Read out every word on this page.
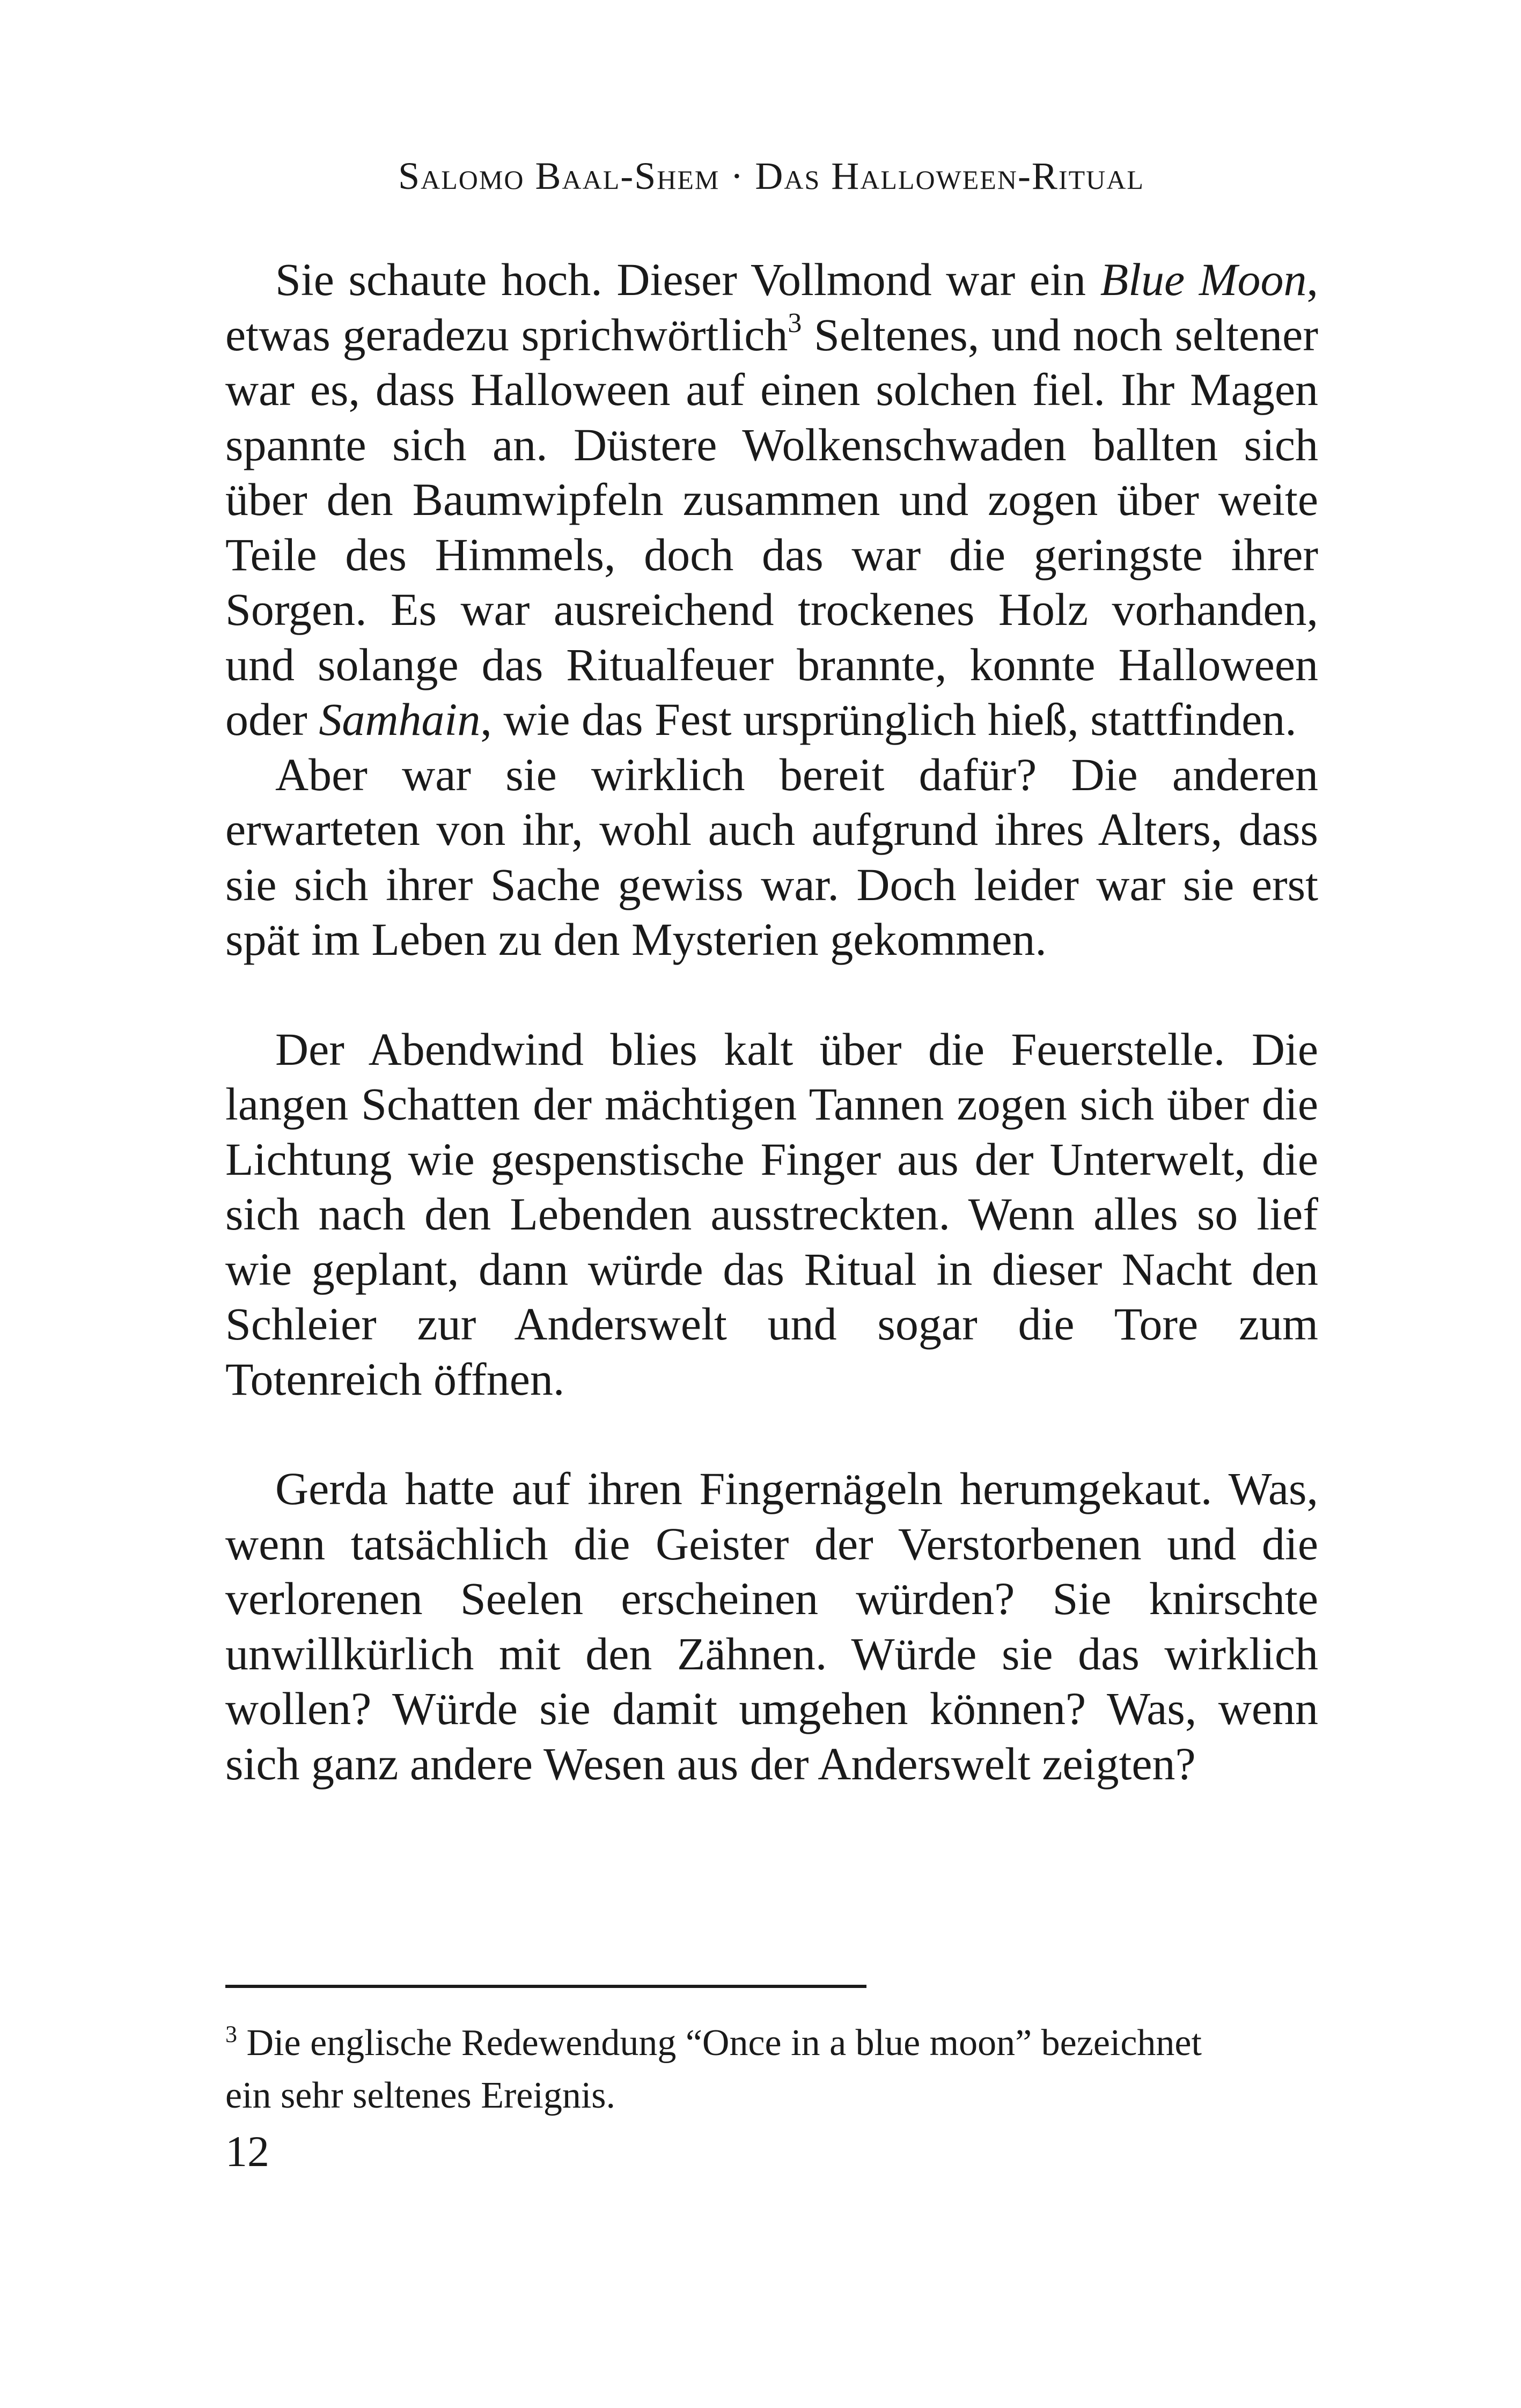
Salomo Baal-Shem · Das Halloween-Ritual

Sie schaute hoch. Dieser Vollmond war ein Blue Moon, etwas geradezu sprichwörtlich$^3$ Seltenes, und noch seltener war es, dass Halloween auf einen solchen fiel. Ihr Magen spannte sich an. Düstere Wolkenschwaden ballten sich über den Baumwipfeln zusammen und zogen über weite Teile des Himmels, doch das war die geringste ihrer Sorgen. Es war ausreichend trockenes Holz vorhanden, und solange das Ritualfeuer brannte, konnte Halloween oder Samhain, wie das Fest ursprünglich hieß, stattfinden.

Aber war sie wirklich bereit dafür? Die anderen erwarteten von ihr, wohl auch aufgrund ihres Alters, dass sie sich ihrer Sache gewiss war. Doch leider war sie erst spät im Leben zu den Mysterien gekommen.

Der Abendwind blies kalt über die Feuerstelle. Die langen Schatten der mächtigen Tannen zogen sich über die Lichtung wie gespenstische Finger aus der Unterwelt, die sich nach den Lebenden ausstreckten. Wenn alles so lief wie geplant, dann würde das Ritual in dieser Nacht den Schleier zur Anderswelt und sogar die Tore zum Totenreich öffnen.

Gerda hatte auf ihren Fingernägeln herumgekaut. Was, wenn tatsächlich die Geister der Verstorbenen und die verlorenen Seelen erscheinen würden? Sie knirschte unwillkürlich mit den Zähnen. Würde sie das wirklich wollen? Würde sie damit umgehen können? Was, wenn sich ganz andere Wesen aus der Anderswelt zeigten?

$^3$ Die englische Redewendung “Once in a blue moon” bezeichnet ein sehr seltenes Ereignis.
12
